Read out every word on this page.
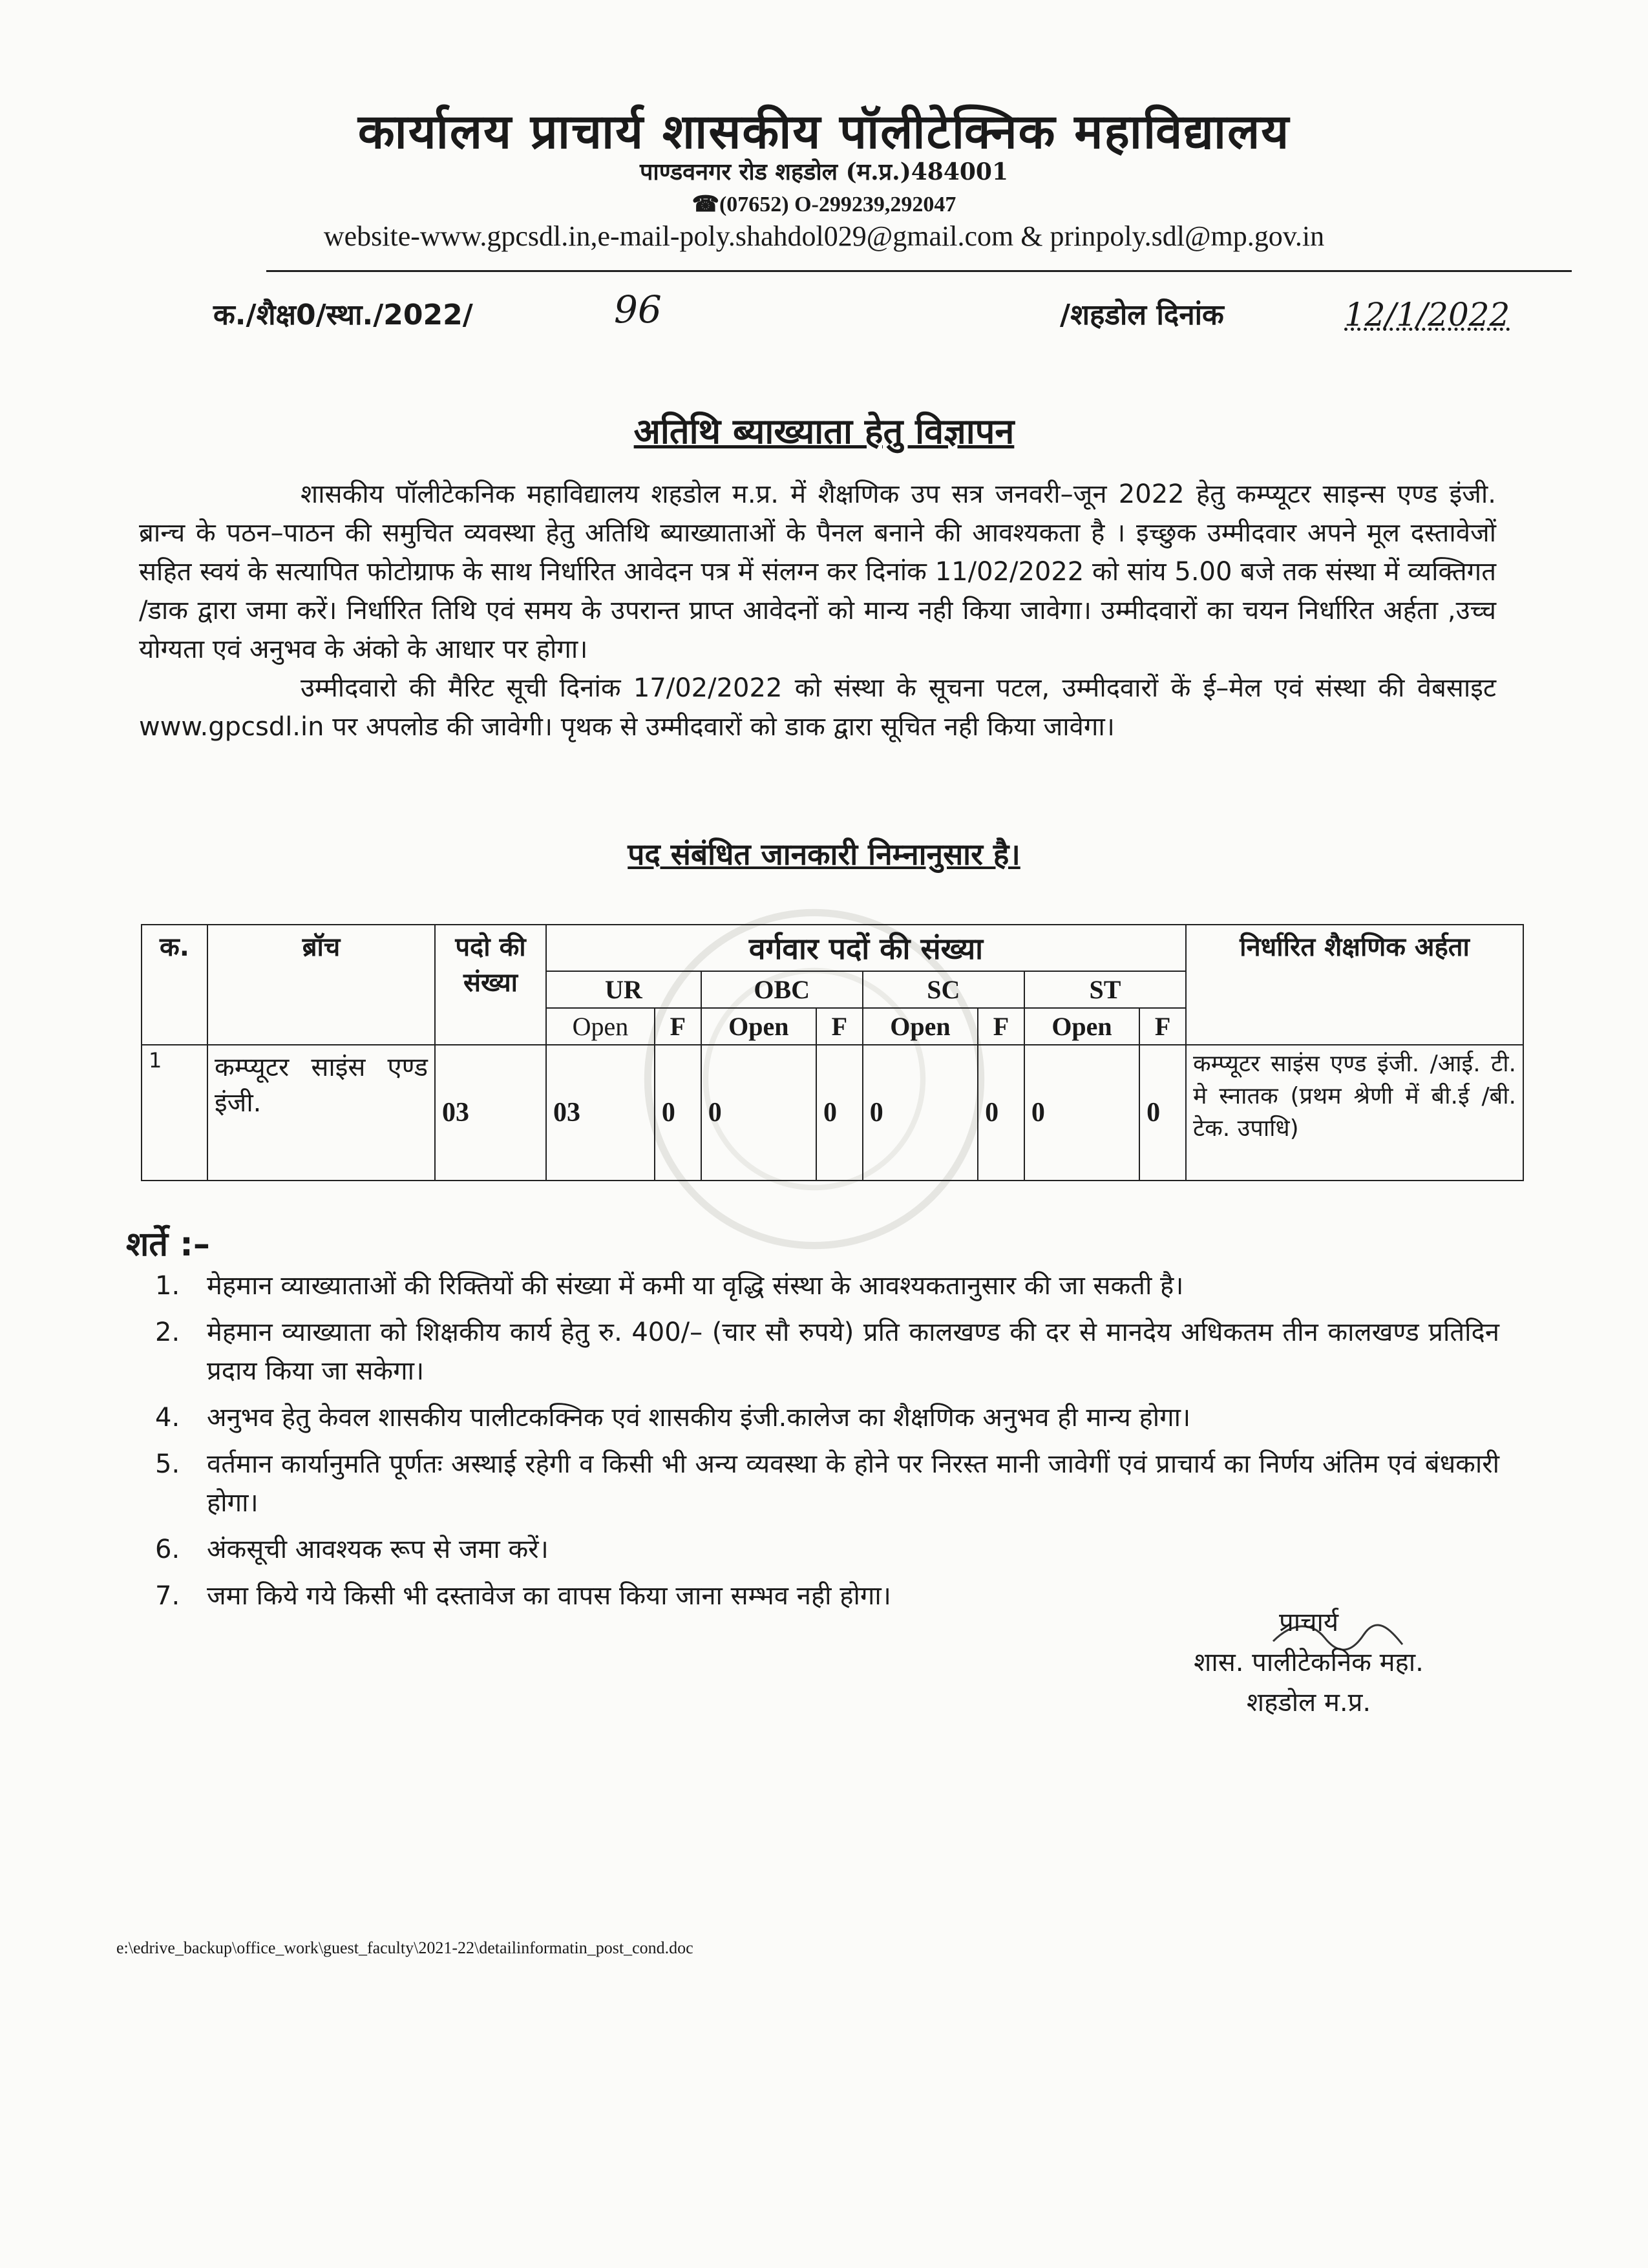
कार्यालय प्राचार्य शासकीय पॉलीटेक्निक महाविद्यालय
पाण्डवनगर रोड शहडोल (म.प्र.)484001
☎(07652) O-299239,292047
website-www.gpcsdl.in,e-mail-poly.shahdol029@gmail.com & prinpoly.sdl@mp.gov.in
क./शैक्ष0/स्था./2022/	96	/शहडोल दिनांक	12/1/2022
अतिथि ब्याख्याता हेतु विज्ञापन

शासकीय पॉलीटेकनिक महाविद्यालय शहडोल म.प्र. में शैक्षणिक उप सत्र जनवरी–जून 2022 हेतु कम्प्यूटर साइन्स एण्ड इंजी. ब्रान्च के पठन–पाठन की समुचित व्यवस्था हेतु अतिथि ब्याख्याताओं के पैनल बनाने की आवश्यकता है । इच्छुक उम्मीदवार अपने मूल दस्तावेजों सहित स्वयं के सत्यापित फोटोग्राफ के साथ निर्धारित आवेदन पत्र में संलग्न कर दिनांक 11/02/2022 को सांय 5.00 बजे तक संस्था में व्यक्तिगत /डाक द्वारा जमा करें। निर्धारित तिथि एवं समय के उपरान्त प्राप्त आवेदनों को मान्य नही किया जावेगा। उम्मीदवारों का चयन निर्धारित अर्हता ,उच्च योग्यता एवं अनुभव के अंको के आधार पर होगा।

उम्मीदवारो की मैरिट सूची दिनांक 17/02/2022 को संस्था के सूचना पटल, उम्मीदवारों कें ई–मेल एवं संस्था की वेबसाइट www.gpcsdl.in पर अपलोड की जावेगी। पृथक से उम्मीदवारों को डाक द्वारा सूचित नही किया जावेगा।

पद संबंधित जानकारी निम्नानुसार है।
क.	ब्रॉच	पदो की संख्या	वर्गवार पदों की संख्या								निर्धारित शैक्षणिक अर्हता
			UR		OBC		SC		ST		
			Open	F	Open	F	Open	F	Open	F	
1	कम्प्यूटर साइंस एण्ड इंजी.	03	03	0	0	0	0	0	0	0	कम्प्यूटर साइंस एण्ड इंजी. /आई. टी. मे स्नातक (प्रथम श्रेणी में बी.ई /बी. टेक. उपाधि)
शर्ते :–
1.	मेहमान व्याख्याताओं की रिक्तियों की संख्या में कमी या वृद्धि संस्था के आवश्यकतानुसार की जा सकती है।
2.	मेहमान व्याख्याता को शिक्षकीय कार्य हेतु रु. 400/– (चार सौ रुपये) प्रति कालखण्ड की दर से मानदेय अधिकतम तीन कालखण्ड प्रतिदिन प्रदाय किया जा सकेगा।
4.	अनुभव हेतु केवल शासकीय पालीटकक्निक एवं शासकीय इंजी.कालेज का शैक्षणिक अनुभव ही मान्य होगा।
5.	वर्तमान कार्यानुमति पूर्णतः अस्थाई रहेगी व किसी भी अन्य व्यवस्था के होने पर निरस्त मानी जावेगीं एवं प्राचार्य का निर्णय अंतिम एवं बंधकारी होगा।
6.	अंकसूची आवश्यक रूप से जमा करें।
7.	जमा किये गये किसी भी दस्तावेज का वापस किया जाना सम्भव नही होगा।
प्राचार्य
शास. पालीटेकनिक महा.
शहडोल म.प्र.
e:\edrive_backup\office_work\guest_faculty\2021-22\detailinformatin_post_cond.doc
